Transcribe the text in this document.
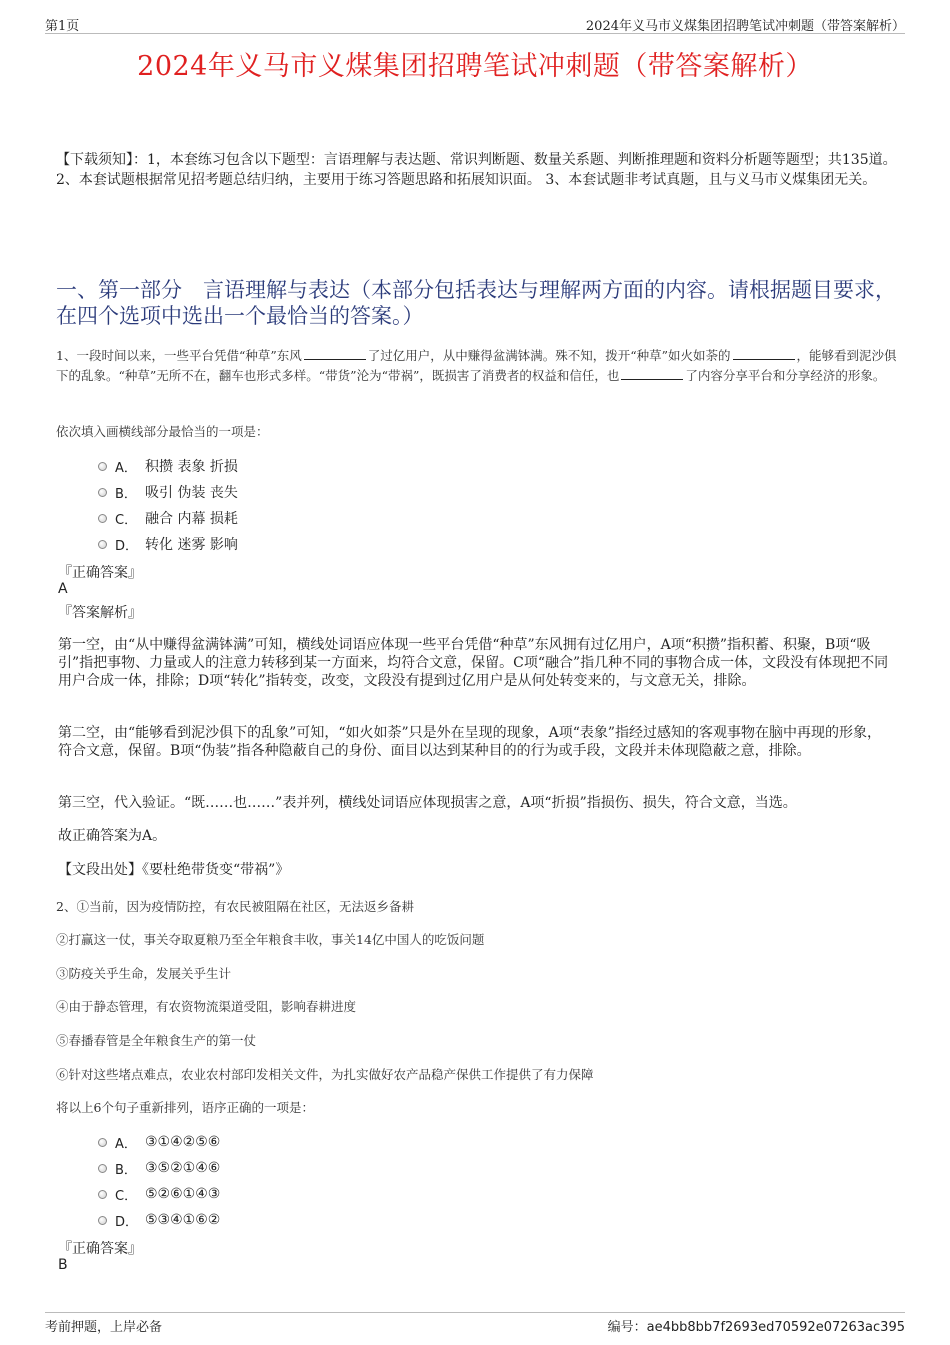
第1页	2024年义马市义煤集团招聘笔试冲刺题（带答案解析）
2024年义马市义煤集团招聘笔试冲刺题（带答案解析）
【下载须知】：1，本套练习包含以下题型：言语理解与表达题、常识判断题、数量关系题、判断推理题和资料分析题等题型；共135道。 2、本套试题根据常见招考题总结归纳，主要用于练习答题思路和拓展知识面。 3、本套试题非考试真题，且与义马市义煤集团无关。
一、第一部分　言语理解与表达（本部分包括表达与理解两方面的内容。请根据题目要求，在四个选项中选出一个最恰当的答案。）
1、一段时间以来，一些平台凭借“种草”东风	了过亿用户，从中赚得盆满钵满。殊不知，拨开“种草”如火如荼的	，能够看到泥沙俱下的乱象。“种草”无所不在，翻车也形式多样。“带货”沦为“带祸”，既损害了消费者的权益和信任，也	了内容分享平台和分享经济的形象。
依次填入画横线部分最恰当的一项是：
A． 积攒 表象 折损
B． 吸引 伪装 丧失
C． 融合 内幕 损耗
D． 转化 迷雾 影响
『正确答案』
A
『答案解析』
第一空，由“从中赚得盆满钵满”可知，横线处词语应体现一些平台凭借“种草”东风拥有过亿用户，A项“积攒”指积蓄、积聚，B项“吸引”指把事物、力量或人的注意力转移到某一方面来，均符合文意，保留。C项“融合”指几种不同的事物合成一体，文段没有体现把不同用户合成一体，排除；D项“转化”指转变，改变，文段没有提到过亿用户是从何处转变来的，与文意无关，排除。
第二空，由“能够看到泥沙俱下的乱象”可知，“如火如荼”只是外在呈现的现象，A项“表象”指经过感知的客观事物在脑中再现的形象，符合文意，保留。B项“伪装”指各种隐蔽自己的身份、面目以达到某种目的的行为或手段，文段并未体现隐蔽之意，排除。
第三空，代入验证。“既……也……”表并列，横线处词语应体现损害之意，A项“折损”指损伤、损失，符合文意，当选。
故正确答案为A。
【文段出处】《要杜绝带货变“带祸”》
2、①当前，因为疫情防控，有农民被阻隔在社区，无法返乡备耕
②打赢这一仗，事关夺取夏粮乃至全年粮食丰收，事关14亿中国人的吃饭问题
③防疫关乎生命，发展关乎生计
④由于静态管理，有农资物流渠道受阻，影响春耕进度
⑤春播春管是全年粮食生产的第一仗
⑥针对这些堵点难点，农业农村部印发相关文件，为扎实做好农产品稳产保供工作提供了有力保障
将以上6个句子重新排列，语序正确的一项是：
A． ③①④②⑤⑥
B． ③⑤②①④⑥
C． ⑤②⑥①④③
D． ⑤③④①⑥②
『正确答案』
B
考前押题，上岸必备	编号：ae4bb8bb7f2693ed70592e07263ac395
